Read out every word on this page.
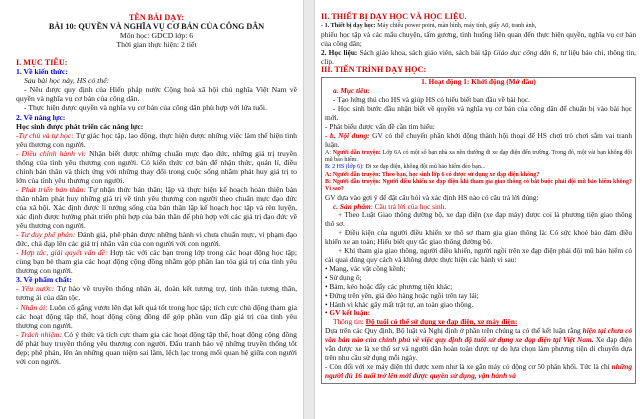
TÊN BÀI DẠY:

BÀI 10: QUYỀN VÀ NGHĨA VỤ CƠ BẢN CỦA CÔNG DÂN

Môn học: GDCD lớp: 6

Thời gian thực hiện: 2 tiết

I. MỤC TIÊU:

1. Về kiến thức:

Sau bài học này, HS có thể:

- Nêu được quy định của Hiến pháp nước Cộng hoà xã hội chủ nghĩa Việt Nam về quyền và nghĩa vụ cơ bản của công dân.

- Thực hiện được quyền và nghĩa vụ cơ bản của công dân phù hợp với lứa tuổi.

2. Về năng lực:

Học sinh được phát triển các năng lực:

-Tự chủ và tự học: Tự giác học tập, lao động, thực hiện được những việc làm thể hiện tình yêu thương con người.

- Điều chỉnh hành vi: Nhận biết được những chuẩn mực đạo đức, những giá trị truyền thống của tình yêu thương con người. Có kiến thức cơ bản để nhận thức, quản lí, điều chỉnh bản thân và thích ứng với những thay đổi trong cuộc sống nhằm phát huy giá trị to lớn của tình yêu thương con người.

- Phát triển bản thân: Tự nhận thức bản thân; lập và thực hiện kế hoạch hoàn thiện bản thân nhằm phát huy những giá trị về tình yêu thương con người theo chuẩn mực đạo đức của xã hội. Xác định được lí tưởng sống của bản thân lập kế hoạch học tập và rèn luyện, xác định được hướng phát triển phù hợp của bản thân để phù hợp với các giá trị đạo đức về yêu thương con người.

- Tư duy phê phán: Đánh giá, phê phán được những hành vi chưa chuẩn mực, vi phạm đạo đức, chà đạp lên các giá trị nhân văn của con người với con người.

- Hợp tác, giải quyết vấn đề: Hợp tác với các bạn trong lớp trong các hoạt động học tập; cùng bạn bè tham gia các hoạt động cộng đồng nhằm góp phần lan tỏa giá trị của tình yêu thương con người.

3. Về phẩm chất:

- Yêu nước: Tự hào về truyền thống nhân ái, đoàn kết tương trợ, tinh thần tương thân, tương ái của dân tộc.

- Nhân ái: Luôn cố gắng vươn lên đạt kết quả tốt trong học tập; tích cực chủ động tham gia các hoạt động tập thể, hoạt động cộng đồng để góp phần vun đắp giá trị của tình yêu thương con người.

- Trách nhiệm: Có ý thức và tích cực tham gia các hoạt động tập thể, hoạt động cộng đồng để phát huy truyền thống yêu thương con người. Đấu tranh bảo vệ những truyền thống tốt đẹp; phê phán, lên án những quan niệm sai lầm, lệch lạc trong mối quan hệ giữa con người với con người.

II. THIẾT BỊ DẠY HỌC VÀ HỌC LIỆU.

- 1. Thiết bị dạy học: Máy chiếu power point, màn hình, máy tính, giấy A0, tranh ảnh,

phiếu học tập và các mẩu chuyện, tấm gương, tình huống liên quan đến thực hiện quyền, nghĩa vụ cơ bản của công dân;

2. Học liệu: Sách giáo khoa, sách giáo viên, sách bài tập Giáo dục công dân 6, tư liệu báo chí, thông tin, clip.

III. TIẾN TRÌNH DẠY HỌC:

1. Hoạt động 1: Khởi động (Mở đầu)

a. Mục tiêu:

- Tạo hứng thú cho HS và giúp HS có hiểu biết ban đầu về bài học.

- Học sinh bước đầu nhận biết về quyền và nghĩa vụ cơ bản của công dân để chuẩn bị vào bài học mới.

- Phát biểu được vấn đề cần tìm hiểu:

- b. Nội dung: GV có thể chuyển phần khởi động thành hội thoại để HS chơi trò chơi sắm vai tranh luận.

A: Người dẫn truyện: Lớp 6A có một số bạn nhà xa nên thường đi xe đạp điện đến trường. Trong đó, một vài bạn không đội mũ bảo hiểm.

B: 2 HS (lớp 6): Đi xe đạp điện, không đội mũ bảo hiểm đèo bạn...

A: Người dẫn truyện: Theo bạn, học sinh lớp 6 có được sử dụng xe đạp điện không?

B: Người dẫn truyện: Người điều khiển xe đạp điện khi tham gia giao thông có bắt buộc phải đội mũ bảo hiểm không? Vì sao?

GV dựa vào gợi ý để đặt câu hỏi và xác định HS nào có câu trả lời đúng:

c. Sản phẩm: Câu trả lời của học sinh.

+ Theo Luật Giao thông đường bộ, xe đạp điện (xe đạp máy) được coi là phương tiện giao thông thô sơ.

+ Điều kiện của người điều khiển xe thô sơ tham gia giao thông là: Có sức khoẻ bảo đảm điều khiển xe an toàn; Hiểu biết quy tắc giao thông đường bộ.

+ Khi tham gia giao thông, người điều khiển, người ngồi trên xe đạp điện phải đội mũ bảo hiểm có cài quai đúng quy cách và không được thực hiện các hành vi sau:

• Mang, vác vật cồng kềnh;

• Sử dụng ô;

• Bám, kéo hoặc đẩy các phương tiện khác;

• Đứng trên yên, giá đèo hàng hoặc ngồi trên tay lái;

• Hành vi khác gây mất trật tự, an toàn giao thông.

• GV kết luận:

Thông tin: Độ tuổi có thể sử dụng xe đạp điện, xe máy điện:

Dựa trên các Quy định, Bộ luật và Nghị định ở phần trên chúng ta có thể kết luận rằng hiện tại chưa có văn bản nào của chính phủ về việc quy định độ tuổi sử dụng xe đạp điện tại Việt Nam. Xe đạp điện vẫn được xe là xe thô sơ và người dân hoàn toàn được tự do lựa chọn làm phương tiện di chuyển dựa trên nhu cầu sử dụng mỗi ngày.

- Còn đối với xe máy điện thì được xem như là xe gắn máy có động cơ 50 phân khối. Tức là chỉ những người đủ 16 tuổi trở lên mới được quyền sử dụng, vận hành và
